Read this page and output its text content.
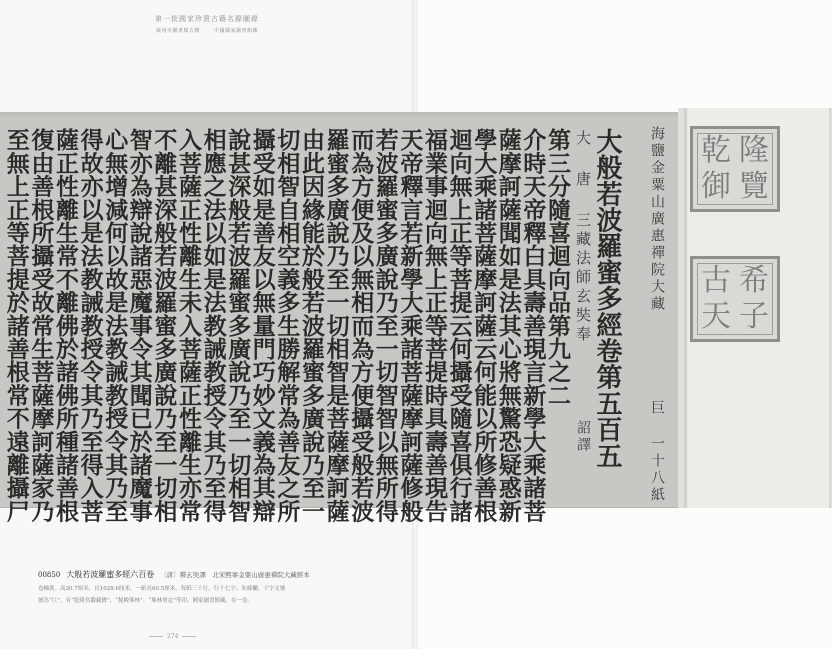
第一批國家珍貴古籍名錄圖錄
廣州市圖書館古籍	中國國家圖書館藏
乾 隆
御 覽
古 希
天 子
海鹽金粟山廣惠禪院大藏
巨 一十八紙
大般若波羅蜜多經卷第五百五
大 唐 三藏法師玄奘奉
詔譯
第三分隨喜迴向品第九之二
介時天帝釋白具壽善現言新學大乘諸菩
薩摩訶薩聞如是法其心將無驚恐疑惑新
學大乘諸菩薩摩訶薩云何能以所修善根
迴向無上正等菩提云何攝受隨喜俱行諸
福業事迴向無上正等菩提時具壽善現告
天帝釋言若新學大乘諸菩薩摩訶薩修般
若波羅蜜多廣說乃至一切智智以無所得
而為方便及以無相而為方便攝受般若波
羅蜜多廣說乃至一切相智是菩薩摩訶薩
由此因緣能於般若波羅蜜多廣說乃至一
切相智自相空義多生勝解常為善友之所
攝受如是善友以無量門巧妙文義為其辯
說甚深般若波羅蜜多廣說乃至一切相智
相應之法以如是法教誡教授令其乃至得
入菩薩正性離生未入菩薩正性離生亦常
不離甚深般若波羅蜜多廣說乃至一切相
智亦為辯說諸惡魔事令其聞已於諸魔事
心無增減何以故是法教誡教授令其乃至
得故亦以是法教誡教授令其乃至得入菩
薩正性離生常不離佛於諸佛所種諸善根
復由善根所攝受故常生菩薩摩訶薩家乃
至無上正等菩提於諸善根常不遠離攝尸
00850 大般若波羅蜜多經六百卷 〔唐〕釋玄奘譯　北宋熙寧金粟山廣惠禪院大藏經本
卷軸裝。高30.7厘米，長1029.6厘米。一紙長60.5厘米，每紙三十行，行十七字。朱絲欄。千字文號
號為“巨”。有“乾隆宮鑑藏寶”、“秘殿珠林”、“珠林重定”等印。國家圖書館藏，存一卷。
274
